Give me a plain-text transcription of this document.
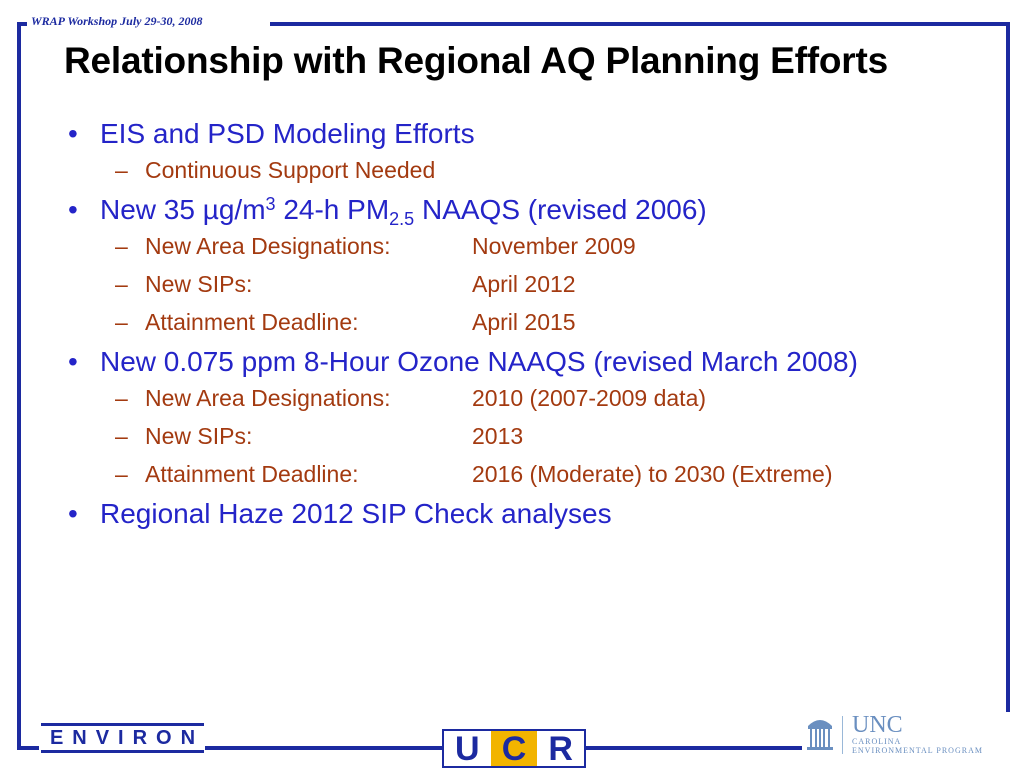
WRAP Workshop July 29-30, 2008
Relationship with Regional AQ Planning Efforts
• EIS and PSD Modeling Efforts
– Continuous Support Needed
• New 35 $\mu g/m^3$ 24-h $PM_{2.5}$ NAAQS (revised 2006)
– New Area Designations:	November 2009
– New SIPs:	April 2012
– Attainment Deadline:	April 2015
• New 0.075 ppm 8-Hour Ozone NAAQS (revised March 2008)
– New Area Designations:	2010 (2007-2009 data)
– New SIPs:	2013
– Attainment Deadline:	2016 (Moderate) to 2030 (Extreme)
• Regional Haze 2012 SIP Check analyses
ENVIRON	U C R
UNC
CAROLINA
ENVIRONMENTAL PROGRAM
